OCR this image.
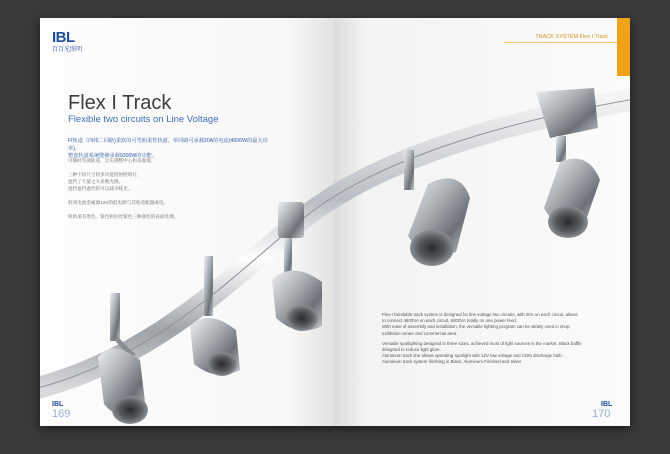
IBL
百百光照明
Flex I Track
Flexible two circuits on Line Voltage
FI轨道（四线二回路)柔软的可弯曲柔性轨道，单回路可承载20A的电流(4600W的最大功率)，
整套轨道系统能够承载9200W的功能。
可随时弯曲轨道，以实满整中心和美观观。
三种不同尺寸的多功能投射照明灯，
遮挡了大量之大多数光源，
遮挡遮挡遮挡的可以减少眩光。
射到电面金属源12V的低电源与其他适配器或电。
射轨道有黑色、银色和拉丝银色三种颜色的表面处理。
IBL
169
TRACK SYSTEM Flex I Track
Flex-I bendable track system is designed for line-voltage two circuits, with 20A on each circuit, allows
to connect 4600VA on each circuit, 9200VA totally on one power feed.
With ease of assembly and installation, the versatile lighting program can be widely used in shop,
exhibition center and commercial area.
Versatile spotlighting designed in three sizes, achieved most of light sources in the market. Black baffle
designed to reduce light glare.
Aluminum track line allows operating spotlight with 12V low voltage and CDM discharge bulb.
Aluminum track system finishing in Black, Aluminum Finished and Silver
IBL
170
